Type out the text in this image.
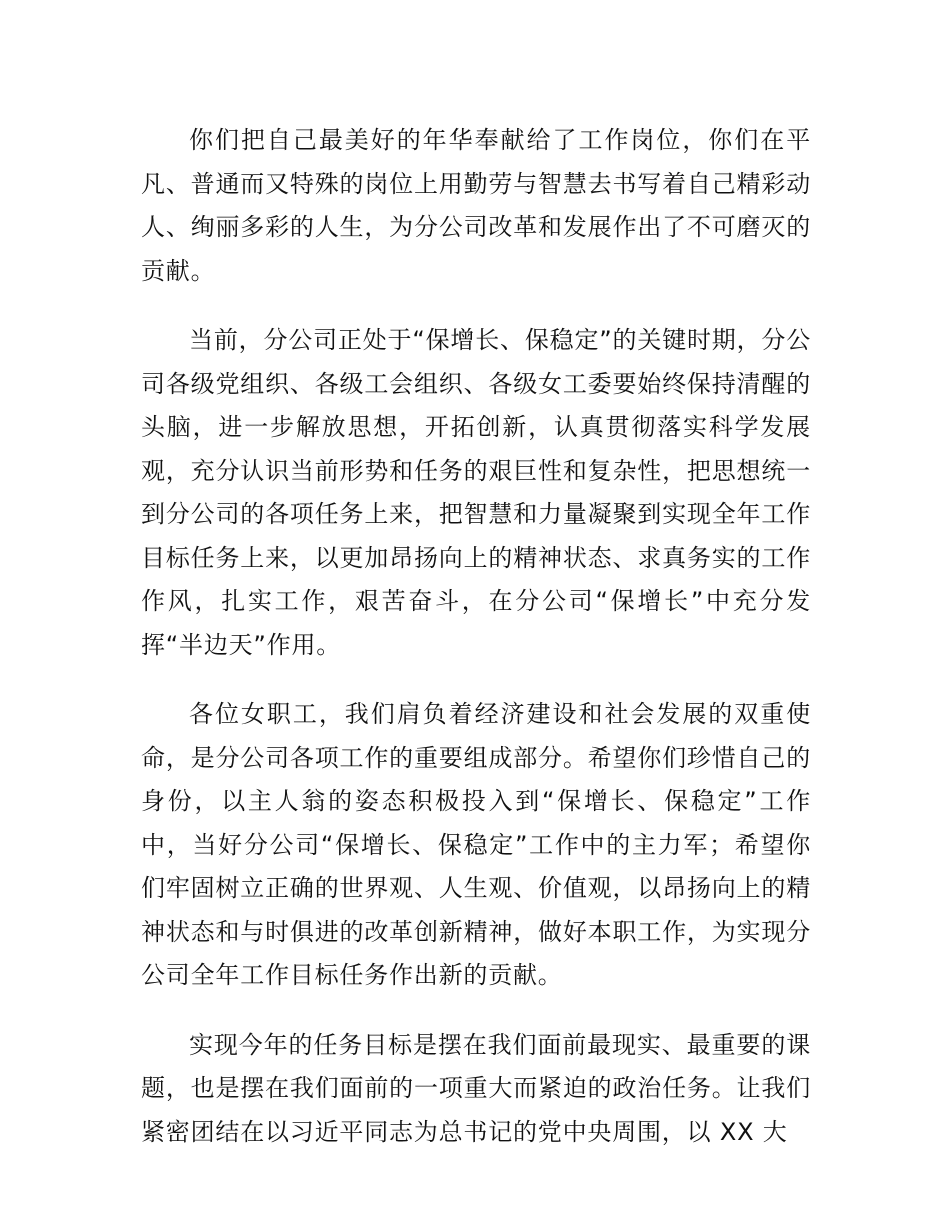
你们把自己最美好的年华奉献给了工作岗位，你们在平凡、普通而又特殊的岗位上用勤劳与智慧去书写着自己精彩动人、绚丽多彩的人生，为分公司改革和发展作出了不可磨灭的贡献。

当前，分公司正处于“保增长、保稳定”的关键时期，分公司各级党组织、各级工会组织、各级女工委要始终保持清醒的头脑，进一步解放思想，开拓创新，认真贯彻落实科学发展观，充分认识当前形势和任务的艰巨性和复杂性，把思想统一到分公司的各项任务上来，把智慧和力量凝聚到实现全年工作目标任务上来，以更加昂扬向上的精神状态、求真务实的工作作风，扎实工作，艰苦奋斗，在分公司“保增长”中充分发挥“半边天”作用。

各位女职工，我们肩负着经济建设和社会发展的双重使命，是分公司各项工作的重要组成部分。希望你们珍惜自己的身份，以主人翁的姿态积极投入到“保增长、保稳定”工作中，当好分公司“保增长、保稳定”工作中的主力军；希望你们牢固树立正确的世界观、人生观、价值观，以昂扬向上的精神状态和与时俱进的改革创新精神，做好本职工作，为实现分公司全年工作目标任务作出新的贡献。

实现今年的任务目标是摆在我们面前最现实、最重要的课题，也是摆在我们面前的一项重大而紧迫的政治任务。让我们紧密团结在以习近平同志为总书记的党中央周围，以 XX 大
